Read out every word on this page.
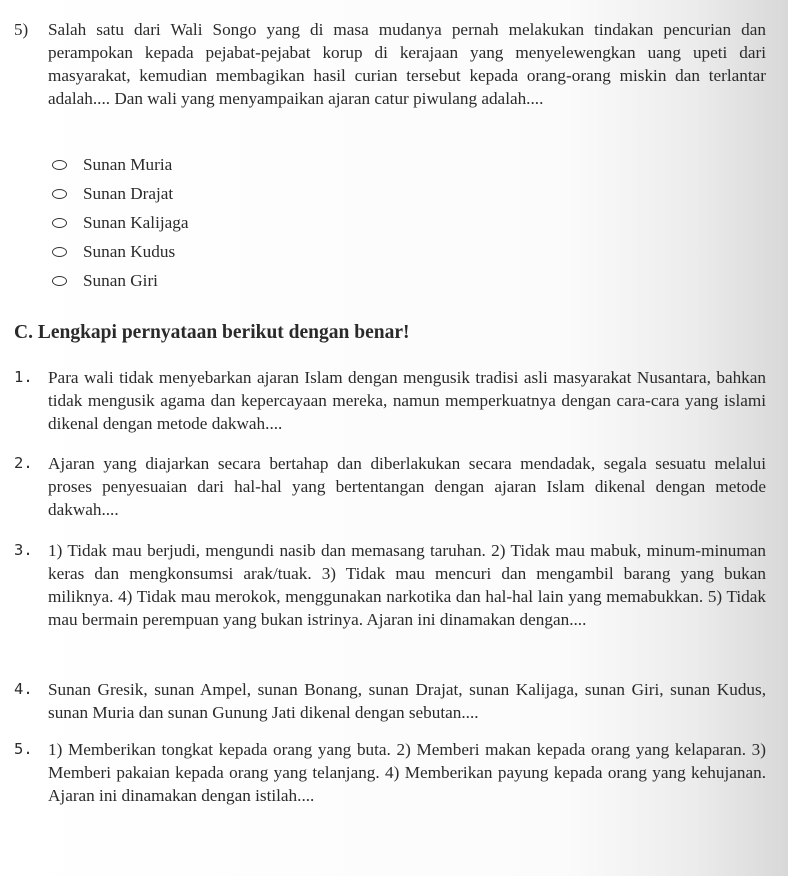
5) Salah satu dari Wali Songo yang di masa mudanya pernah melakukan tindakan pencurian dan perampokan kepada pejabat-pejabat korup di kerajaan yang menyelewengkan uang upeti dari masyarakat, kemudian membagikan hasil curian tersebut kepada orang-orang miskin dan terlantar adalah.... Dan wali yang menyampaikan ajaran catur piwulang adalah....
Sunan Muria
Sunan Drajat
Sunan Kalijaga
Sunan Kudus
Sunan Giri
C. Lengkapi pernyataan berikut dengan benar!
1. Para wali tidak menyebarkan ajaran Islam dengan mengusik tradisi asli masyarakat Nusantara, bahkan tidak mengusik agama dan kepercayaan mereka, namun memperkuatnya dengan cara-cara yang islami dikenal dengan metode dakwah....
2. Ajaran yang diajarkan secara bertahap dan diberlakukan secara mendadak, segala sesuatu melalui proses penyesuaian dari hal-hal yang bertentangan dengan ajaran Islam dikenal dengan metode dakwah....
3. 1) Tidak mau berjudi, mengundi nasib dan memasang taruhan. 2) Tidak mau mabuk, minum-minuman keras dan mengkonsumsi arak/tuak. 3) Tidak mau mencuri dan mengambil barang yang bukan miliknya. 4) Tidak mau merokok, menggunakan narkotika dan hal-hal lain yang memabukkan. 5) Tidak mau bermain perempuan yang bukan istrinya. Ajaran ini dinamakan dengan....
4. Sunan Gresik, sunan Ampel, sunan Bonang, sunan Drajat, sunan Kalijaga, sunan Giri, sunan Kudus, sunan Muria dan sunan Gunung Jati dikenal dengan sebutan....
5. 1) Memberikan tongkat kepada orang yang buta. 2) Memberi makan kepada orang yang kelaparan. 3) Memberi pakaian kepada orang yang telanjang. 4) Memberikan payung kepada orang yang kehujanan. Ajaran ini dinamakan dengan istilah....
